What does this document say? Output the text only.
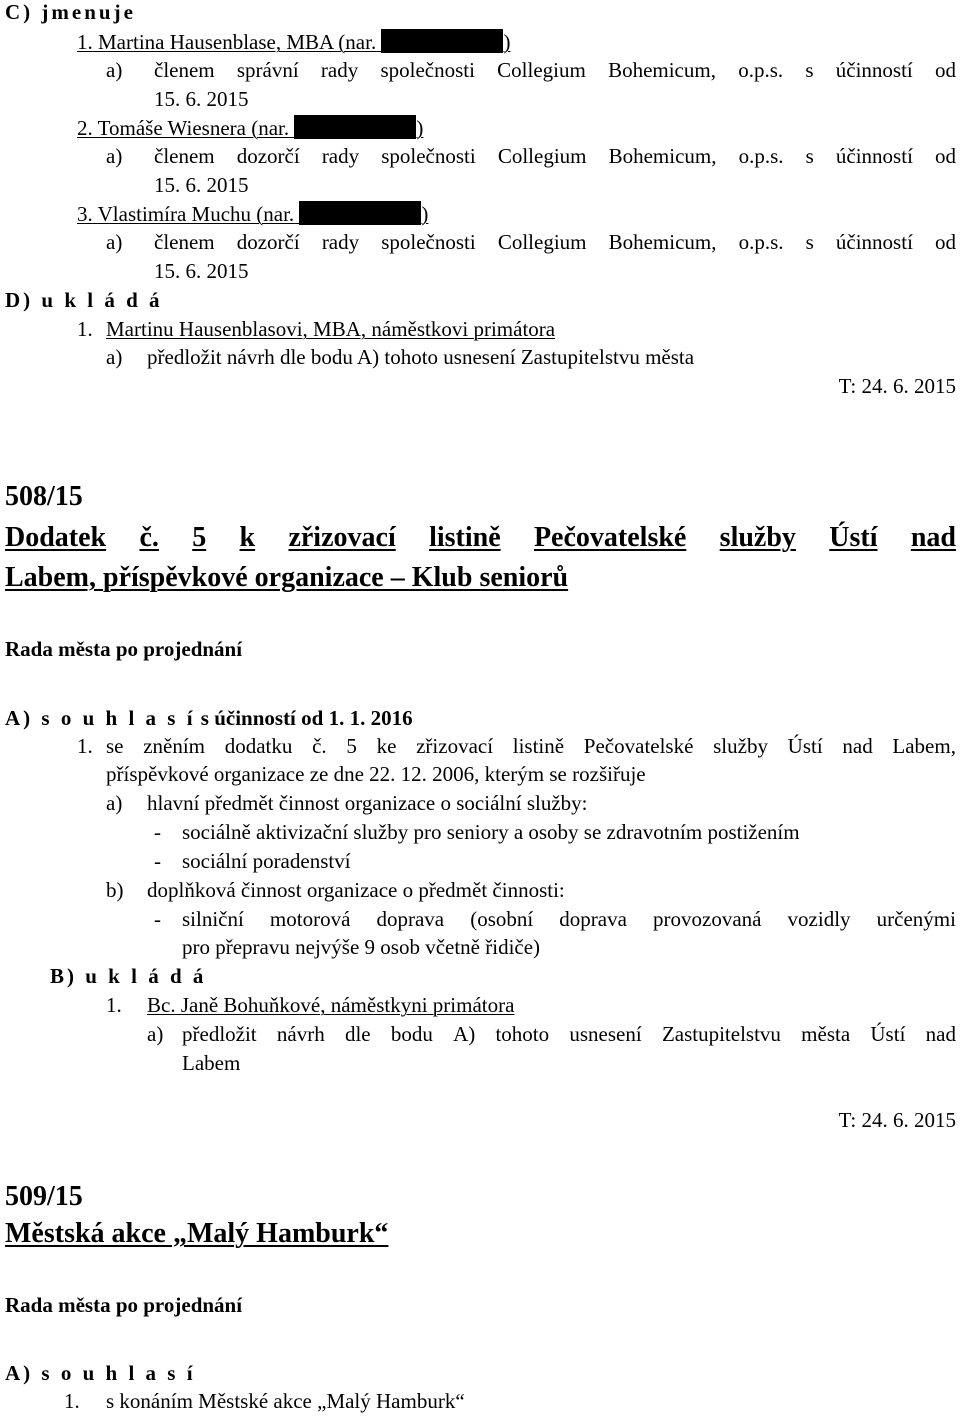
C) jmenuje
1. Martina Hausenblase, MBA (nar.	)
a) členem správní rady společnosti Collegium Bohemicum, o.p.s. s účinností od
15. 6. 2015
2. Tomáše Wiesnera (nar.	)
a) členem dozorčí rady společnosti Collegium Bohemicum, o.p.s. s účinností od
15. 6. 2015
3. Vlastimíra Muchu (nar.	)
a) členem dozorčí rady společnosti Collegium Bohemicum, o.p.s. s účinností od
15. 6. 2015
D) u k l á d á
1. Martinu Hausenblasovi, MBA, náměstkovi primátora
a) předložit návrh dle bodu A) tohoto usnesení Zastupitelstvu města
T: 24. 6. 2015
508/15
Dodatek č. 5 k zřizovací listině Pečovatelské služby Ústí nad
Labem, příspěvkové organizace – Klub seniorů
Rada města po projednání
A) s o u h l a s í s účinností od 1. 1. 2016
1. se zněním dodatku č. 5 ke zřizovací listině Pečovatelské služby Ústí nad Labem,
příspěvkové organizace ze dne 22. 12. 2006, kterým se rozšiřuje
a) hlavní předmět činnost organizace o sociální služby:
- sociálně aktivizační služby pro seniory a osoby se zdravotním postižením
- sociální poradenství
b) doplňková činnost organizace o předmět činnosti:
- silniční motorová doprava (osobní doprava provozovaná vozidly určenými
pro přepravu nejvýše 9 osob včetně řidiče)
B) u k l á d á
1. Bc. Janě Bohuňkové, náměstkyni primátora
a) předložit návrh dle bodu A) tohoto usnesení Zastupitelstvu města Ústí nad
Labem
T: 24. 6. 2015
509/15
Městská akce „Malý Hamburk“
Rada města po projednání
A) s o u h l a s í
1. s konáním Městské akce „Malý Hamburk“
